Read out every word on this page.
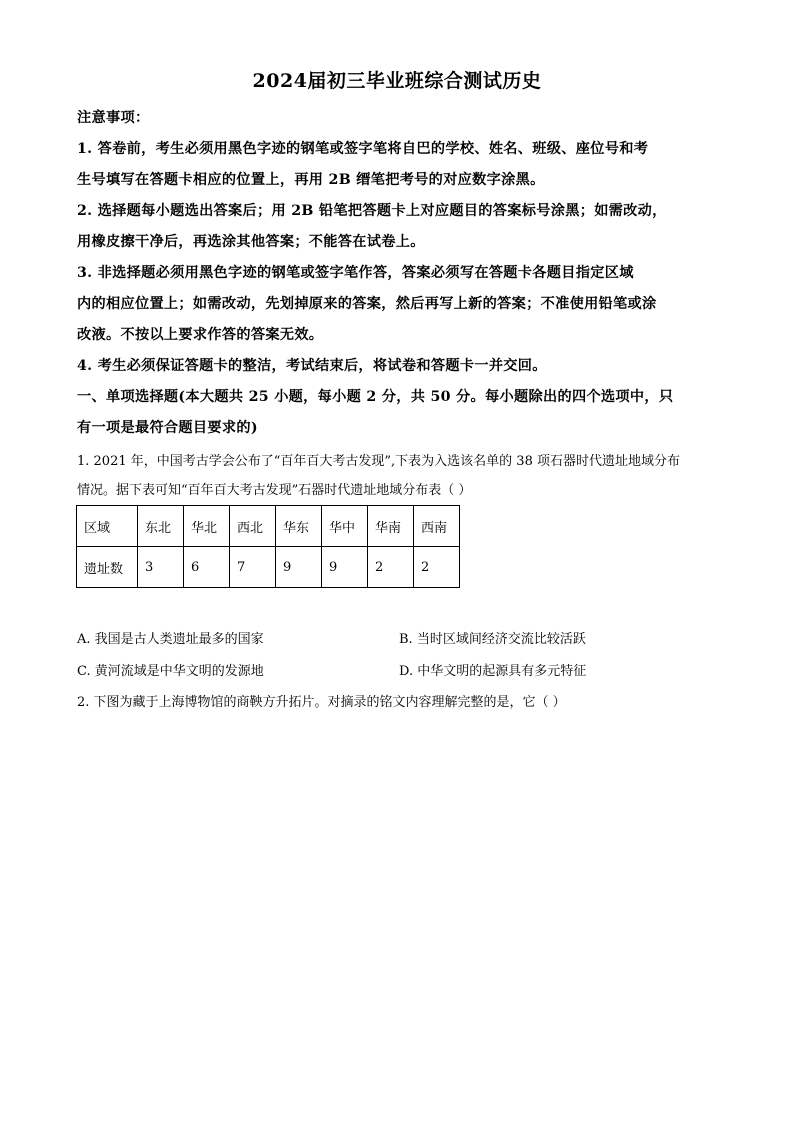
2024届初三毕业班综合测试历史
注意事项：
1. 答卷前，考生必须用黑色字迹的钢笔或签字笔将自巴的学校、姓名、班级、座位号和考
生号填写在答题卡相应的位置上，再用 2B 缙笔把考号的对应数字涂黑。
2. 选择题每小题选出答案后；用 2B 铅笔把答题卡上对应题目的答案标号涂黑；如需改动，
用橡皮擦干净后，再选涂其他答案；不能答在试卷上。
3. 非选择题必须用黑色字迹的钢笔或签字笔作答，答案必须写在答题卡各题目指定区域
内的相应位置上；如需改动，先划掉原来的答案，然后再写上新的答案；不准使用铅笔或涂
改液。不按以上要求作答的答案无效。
4. 考生必须保证答题卡的整洁，考试结束后，将试卷和答题卡一并交回。
一、单项选择题(本大题共 25 小题，每小题 2 分，共 50 分。每小题除出的四个选项中，只
有一项是最符合题目要求的)
1. 2021 年，中国考古学会公布了“百年百大考古发现”,下表为入选该名单的 38 项石器时代遗址地域分布
情况。据下表可知“百年百大考古发现”石器时代遗址地域分布表（ ）
区域	东北	华北	西北	华东	华中	华南	西南
遗址数	3	6	7	9	9	2	2
A. 我国是古人类遗址最多的国家	B. 当时区域间经济交流比较活跃
C. 黄河流域是中华文明的发源地	D. 中华文明的起源具有多元特征
2. 下图为藏于上海博物馆的商鞅方升拓片。对摘录的铭文内容理解完整的是，它（ ）
